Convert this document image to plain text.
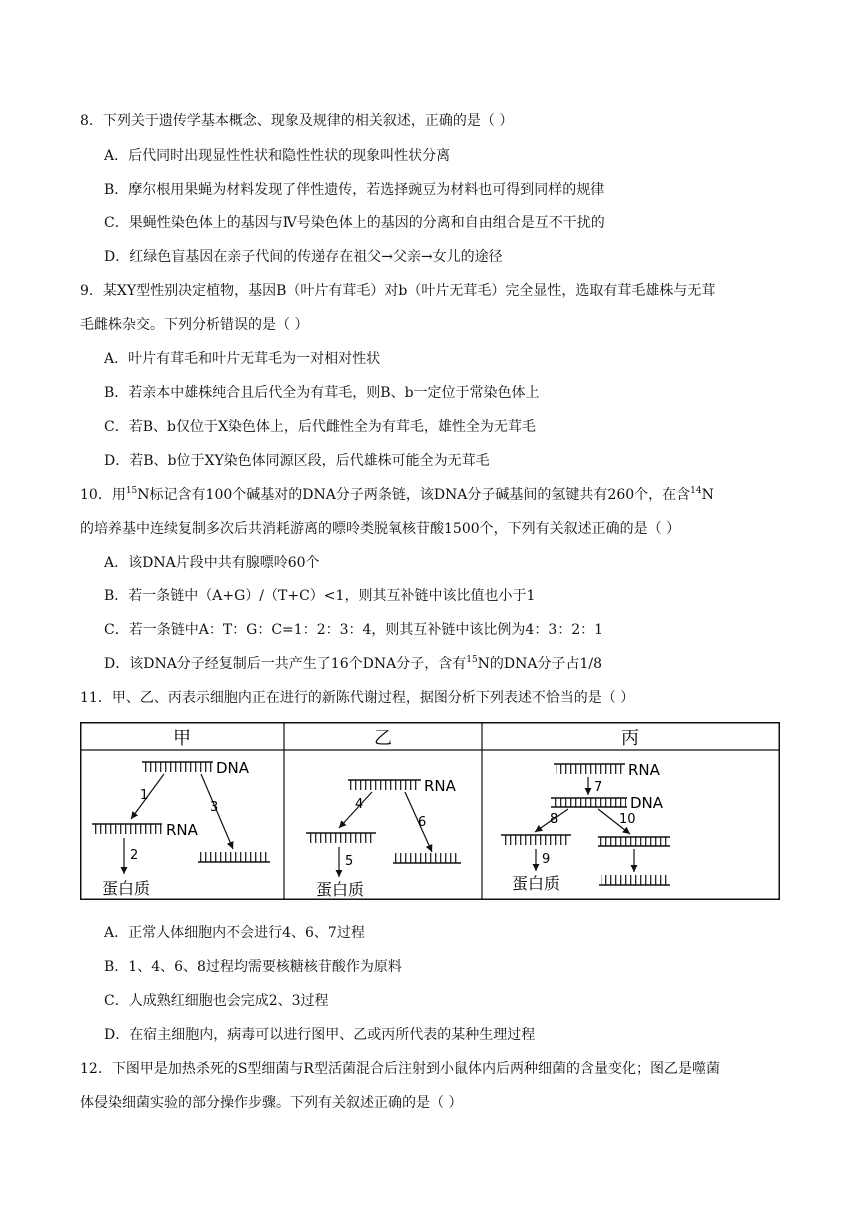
8．下列关于遗传学基本概念、现象及规律的相关叙述，正确的是（ ）
A．后代同时出现显性性状和隐性性状的现象叫性状分离
B．摩尔根用果蝇为材料发现了伴性遗传，若选择豌豆为材料也可得到同样的规律
C．果蝇性染色体上的基因与Ⅳ号染色体上的基因的分离和自由组合是互不干扰的
D．红绿色盲基因在亲子代间的传递存在祖父→父亲→女儿的途径
9．某XY型性别决定植物，基因B（叶片有茸毛）对b（叶片无茸毛）完全显性，选取有茸毛雄株与无茸
毛雌株杂交。下列分析错误的是（ ）
A．叶片有茸毛和叶片无茸毛为一对相对性状
B．若亲本中雄株纯合且后代全为有茸毛，则B、b一定位于常染色体上
C．若B、b仅位于X染色体上，后代雌性全为有茸毛，雄性全为无茸毛
D．若B、b位于XY染色体同源区段，后代雄株可能全为无茸毛
10．用$^{15}$N标记含有100个碱基对的DNA分子两条链，该DNA分子碱基间的氢键共有260个，在含$^{14}$N
的培养基中连续复制多次后共消耗游离的嘌呤类脱氧核苷酸1500个，下列有关叙述正确的是（ ）
A．该DNA片段中共有腺嘌呤60个
B．若一条链中（A+G）/（T+C）<1，则其互补链中该比值也小于1
C．若一条链中A：T：G：C=1：2：3：4，则其互补链中该比例为4：3：2：1
D．该DNA分子经复制后一共产生了16个DNA分子，含有$^{15}$N的DNA分子占1/8
11．甲、乙、丙表示细胞内正在进行的新陈代谢过程，据图分析下列表述不恰当的是（ ）
甲	乙	丙
DNA
1
3
RNA
2
蛋白质
RNA
4
6
5
蛋白质
RNA
7
DNA
8	10
9
蛋白质
A．正常人体细胞内不会进行4、6、7过程
B．1、4、6、8过程均需要核糖核苷酸作为原料
C．人成熟红细胞也会完成2、3过程
D．在宿主细胞内，病毒可以进行图甲、乙或丙所代表的某种生理过程
12．下图甲是加热杀死的S型细菌与R型活菌混合后注射到小鼠体内后两种细菌的含量变化；图乙是噬菌
体侵染细菌实验的部分操作步骤。下列有关叙述正确的是（ ）
